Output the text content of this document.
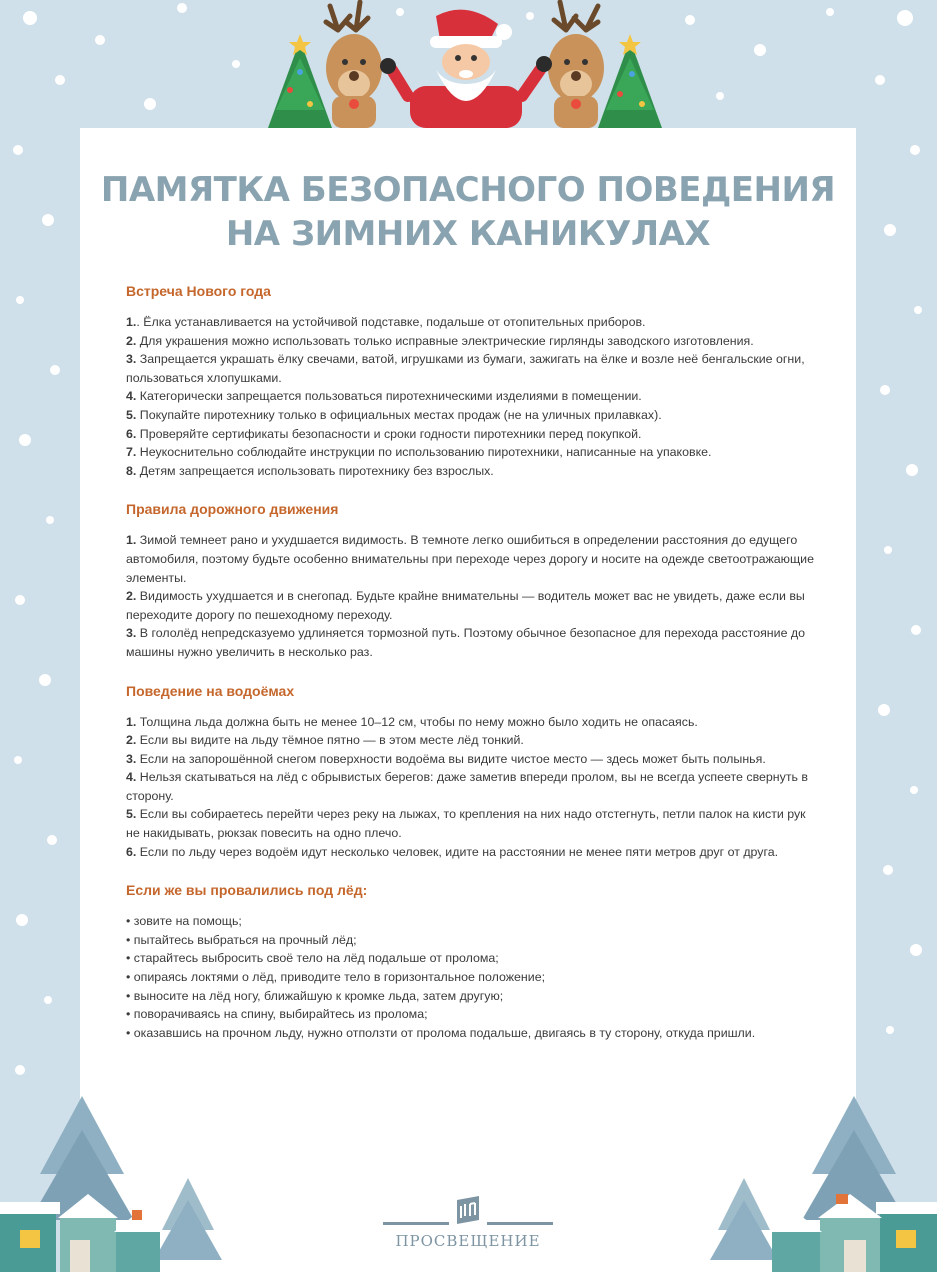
ПАМЯТКА БЕЗОПАСНОГО ПОВЕДЕНИЯ
НА ЗИМНИХ КАНИКУЛАХ
Встреча Нового года

1.. Ёлка устанавливается на устойчивой подставке, подальше от отопительных приборов.

2. Для украшения можно использовать только исправные электрические гирлянды заводского изготовления.

3. Запрещается украшать ёлку свечами, ватой, игрушками из бумаги, зажигать на ёлке и возле неё бенгальские огни, пользоваться хлопушками.

4. Категорически запрещается пользоваться пиротехническими изделиями в помещении.

5. Покупайте пиротехнику только в официальных местах продаж (не на уличных прилавках).

6. Проверяйте сертификаты безопасности и сроки годности пиротехники перед покупкой.

7. Неукоснительно соблюдайте инструкции по использованию пиротехники, написанные на упаковке.

8. Детям запрещается использовать пиротехнику без взрослых.

Правила дорожного движения

1. Зимой темнеет рано и ухудшается видимость. В темноте легко ошибиться в определении расстояния до едущего автомобиля, поэтому будьте особенно внимательны при переходе через дорогу и носите на одежде светоотражающие элементы.

2. Видимость ухудшается и в снегопад. Будьте крайне внимательны — водитель может вас не увидеть, даже если вы переходите дорогу по пешеходному переходу.

3. В гололёд непредсказуемо удлиняется тормозной путь. Поэтому обычное безопасное для перехода расстояние до машины нужно увеличить в несколько раз.

Поведение на водоёмах

1. Толщина льда должна быть не менее 10–12 см, чтобы по нему можно было ходить не опасаясь.

2. Если вы видите на льду тёмное пятно — в этом месте лёд тонкий.

3. Если на запорошённой снегом поверхности водоёма вы видите чистое место — здесь может быть полынья.

4. Нельзя скатываться на лёд с обрывистых берегов: даже заметив впереди пролом, вы не всегда успеете свернуть в сторону.

5. Если вы собираетесь перейти через реку на лыжах, то крепления на них надо отстегнуть, петли палок на кисти рук не накидывать, рюкзак повесить на одно плечо.

6. Если по льду через водоём идут несколько человек, идите на расстоянии не менее пяти метров друг от друга.

Если же вы провалились под лёд:

• зовите на помощь;

• пытайтесь выбраться на прочный лёд;

• старайтесь выбросить своё тело на лёд подальше от пролома;

• опираясь локтями о лёд, приводите тело в горизонтальное положение;

• выносите на лёд ногу, ближайшую к кромке льда, затем другую;

• поворачиваясь на спину, выбирайтесь из пролома;

• оказавшись на прочном льду, нужно отползти от пролома подальше, двигаясь в ту сторону, откуда пришли.

ПРОСВЕЩЕНИЕ
